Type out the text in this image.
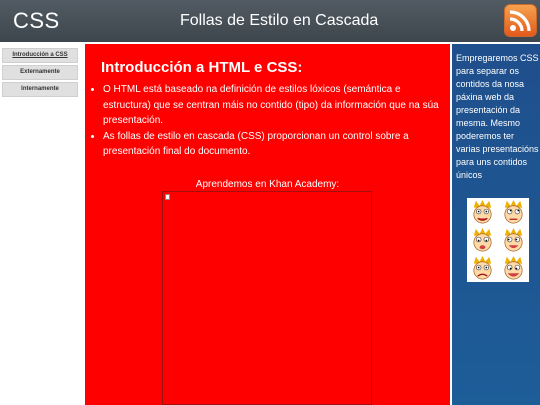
CSS	Follas de Estilo en Cascada
Introducción a CSS
Externamente
Internamente
Introducción a HTML e CSS:
• O HTML está baseado na definición de estilos lóxicos (semántica e estructura) que se centran máis no contido (tipo) da información que na súa presentación.
• As follas de estilo en cascada (CSS) proporcionan un control sobre a presentación final do documento.
Aprendemos en Khan Academy:

Empregaremos CSS para separar os contidos da nosa páxina web da presentación da mesma. Mesmo poderemos ter varias presentacións para uns contidos únicos
